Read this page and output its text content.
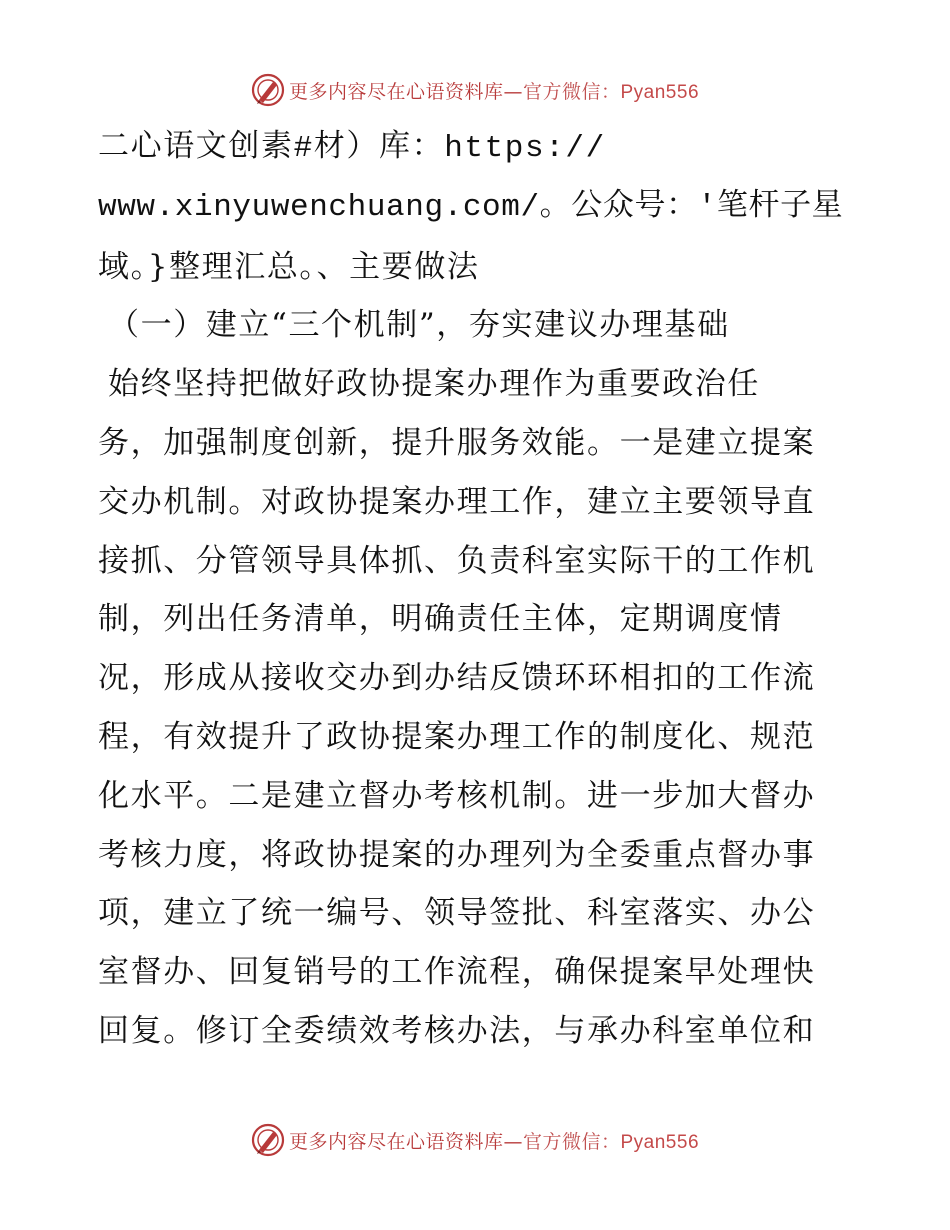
更多内容尽在心语资料库—官方微信：Pyan556
二心语文创素#材）库：https://
www.xinyuwenchuang.com/。公众号：′笔杆子星
域。}整理汇总。、主要做法
（一）建立“三个机制”，夯实建议办理基础
始终坚持把做好政协提案办理作为重要政治任
务，加强制度创新，提升服务效能。一是建立提案
交办机制。对政协提案办理工作，建立主要领导直
接抓、分管领导具体抓、负责科室实际干的工作机
制，列出任务清单，明确责任主体，定期调度情
况，形成从接收交办到办结反馈环环相扣的工作流
程，有效提升了政协提案办理工作的制度化、规范
化水平。二是建立督办考核机制。进一步加大督办
考核力度，将政协提案的办理列为全委重点督办事
项，建立了统一编号、领导签批、科室落实、办公
室督办、回复销号的工作流程，确保提案早处理快
回复。修订全委绩效考核办法，与承办科室单位和
更多内容尽在心语资料库—官方微信：Pyan556
